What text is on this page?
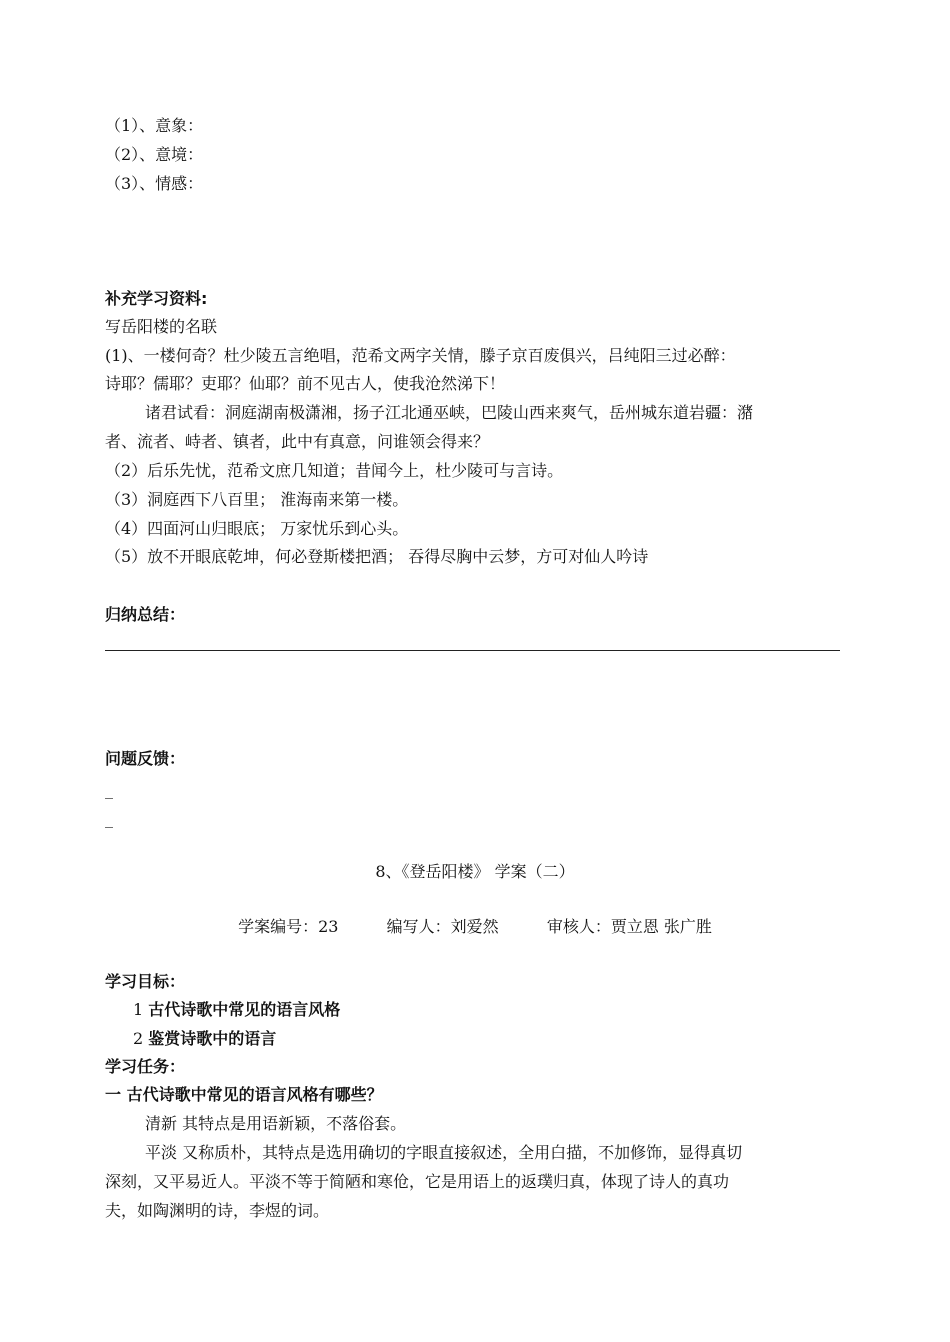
（1）、意象：
（2）、意境：
（3）、情感：
补充学习资料:
写岳阳楼的名联
(1)、一楼何奇？杜少陵五言绝唱，范希文两字关情，滕子京百废俱兴，吕纯阳三过必醉：
诗耶？儒耶？吏耶？仙耶？前不见古人，使我沧然涕下！
诸君试看：洞庭湖南极潇湘，扬子江北通巫峡，巴陵山西来爽气，岳州城东道岩疆：潴
者、流者、峙者、镇者，此中有真意，问谁领会得来？
（2）后乐先忧，范希文庶几知道；昔闻今上，杜少陵可与言诗。
（3）洞庭西下八百里； 淮海南来第一楼。
（4）四面河山归眼底； 万家忧乐到心头。
（5）放不开眼底乾坤，何必登斯楼把酒； 吞得尽胸中云梦，方可对仙人吟诗
归纳总结：
问题反馈：
_
_
8、《登岳阳楼》 学案（二）
学案编号：23	编写人：刘爱然	审核人：贾立恩 张广胜
学习目标：
1 古代诗歌中常见的语言风格
2 鉴赏诗歌中的语言
学习任务：
一 古代诗歌中常见的语言风格有哪些？
清新 其特点是用语新颖，不落俗套。
平淡 又称质朴，其特点是选用确切的字眼直接叙述，全用白描，不加修饰，显得真切
深刻，又平易近人。平淡不等于简陋和寒伧，它是用语上的返璞归真，体现了诗人的真功
夫，如陶渊明的诗，李煜的词。
